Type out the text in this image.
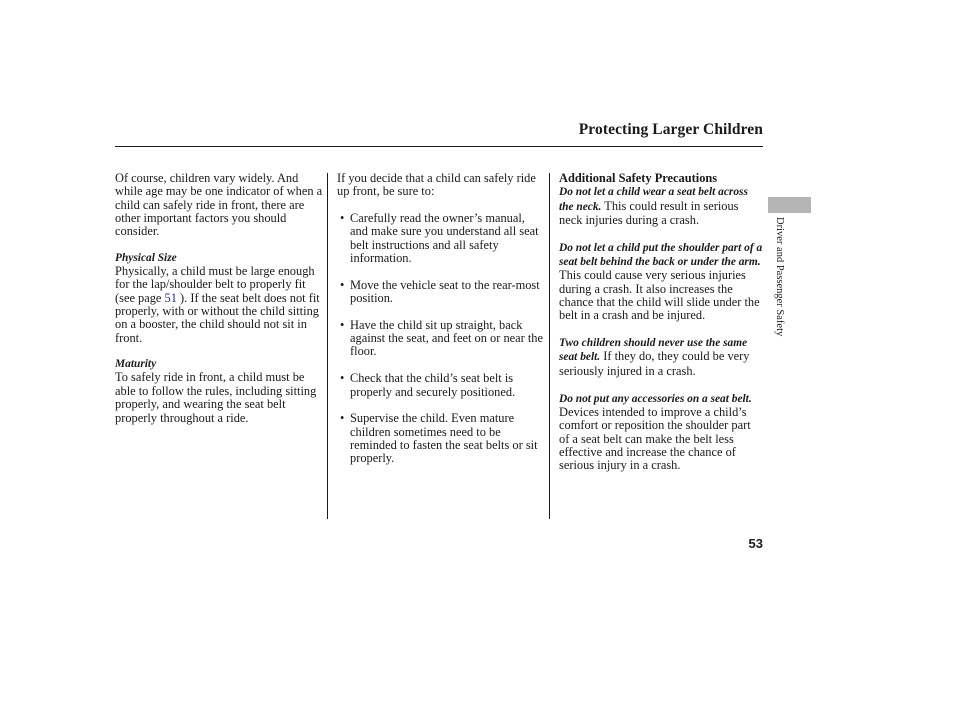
Protecting Larger Children

Of course, children vary widely. And while age may be one indicator of when a child can safely ride in front, there are other important factors you should consider.

Physical Size

Physically, a child must be large enough for the lap/shoulder belt to properly fit (see page 51 ). If the seat belt does not fit properly, with or without the child sitting on a booster, the child should not sit in front.

Maturity

To safely ride in front, a child must be able to follow the rules, including sitting properly, and wearing the seat belt properly throughout a ride.

If you decide that a child can safely ride up front, be sure to:

• Carefully read the owner’s manual, and make sure you understand all seat belt instructions and all safety information.
• Move the vehicle seat to the rear-most position.
• Have the child sit up straight, back against the seat, and feet on or near the floor.
• Check that the child’s seat belt is properly and securely positioned.
• Supervise the child. Even mature children sometimes need to be reminded to fasten the seat belts or sit properly.

Additional Safety Precautions

Do not let a child wear a seat belt across the neck. This could result in serious neck injuries during a crash.

Do not let a child put the shoulder part of a seat belt behind the back or under the arm. This could cause very serious injuries during a crash. It also increases the chance that the child will slide under the belt in a crash and be injured.

Two children should never use the same seat belt. If they do, they could be very seriously injured in a crash.

Do not put any accessories on a seat belt. Devices intended to improve a child’s comfort or reposition the shoulder part of a seat belt can make the belt less effective and increase the chance of serious injury in a crash.

Driver and Passenger Safety
53
